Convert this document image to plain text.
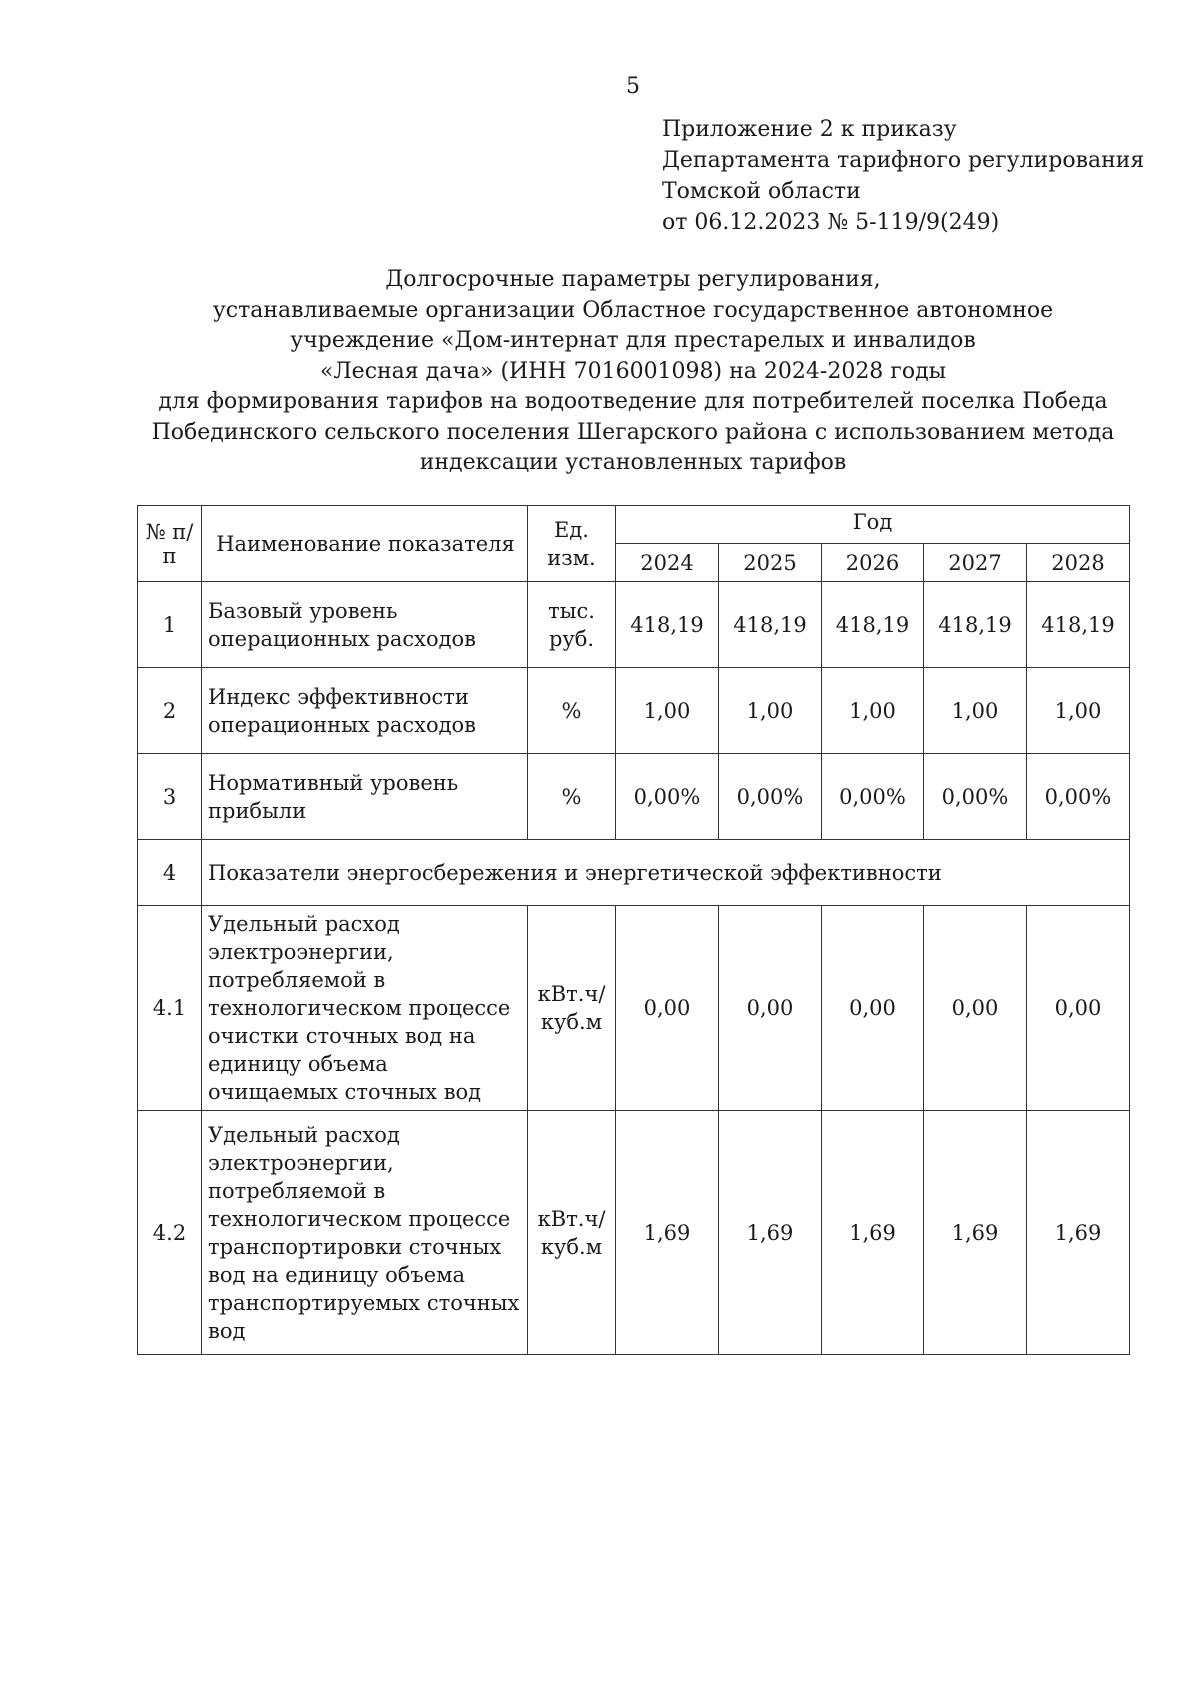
5
Приложение 2 к приказу
Департамента тарифного регулирования
Томской области
от 06.12.2023 № 5-119/9(249)
Долгосрочные параметры регулирования,
устанавливаемые организации Областное государственное автономное
учреждение «Дом-интернат для престарелых и инвалидов
«Лесная дача» (ИНН 7016001098) на 2024-2028 годы
для формирования тарифов на водоотведение для потребителей поселка Победа
Побединского сельского поселения Шегарского района с использованием метода
индексации установленных тарифов
№ п/п	Наименование показателя	Ед. изм.	Год				
			2024	2025	2026	2027	2028
1	Базовый уровень операционных расходов	тыс. руб.	418,19	418,19	418,19	418,19	418,19
2	Индекс эффективности операционных расходов	%	1,00	1,00	1,00	1,00	1,00
3	Нормативный уровень прибыли	%	0,00%	0,00%	0,00%	0,00%	0,00%
4	Показатели энергосбережения и энергетической эффективности						
4.1	Удельный расход электроэнергии, потребляемой в технологическом процессе очистки сточных вод на единицу объема очищаемых сточных вод	кВт.ч/ куб.м	0,00	0,00	0,00	0,00	0,00
4.2	Удельный расход электроэнергии, потребляемой в технологическом процессе транспортировки сточных вод на единицу объема транспортируемых сточных вод	кВт.ч/ куб.м	1,69	1,69	1,69	1,69	1,69
